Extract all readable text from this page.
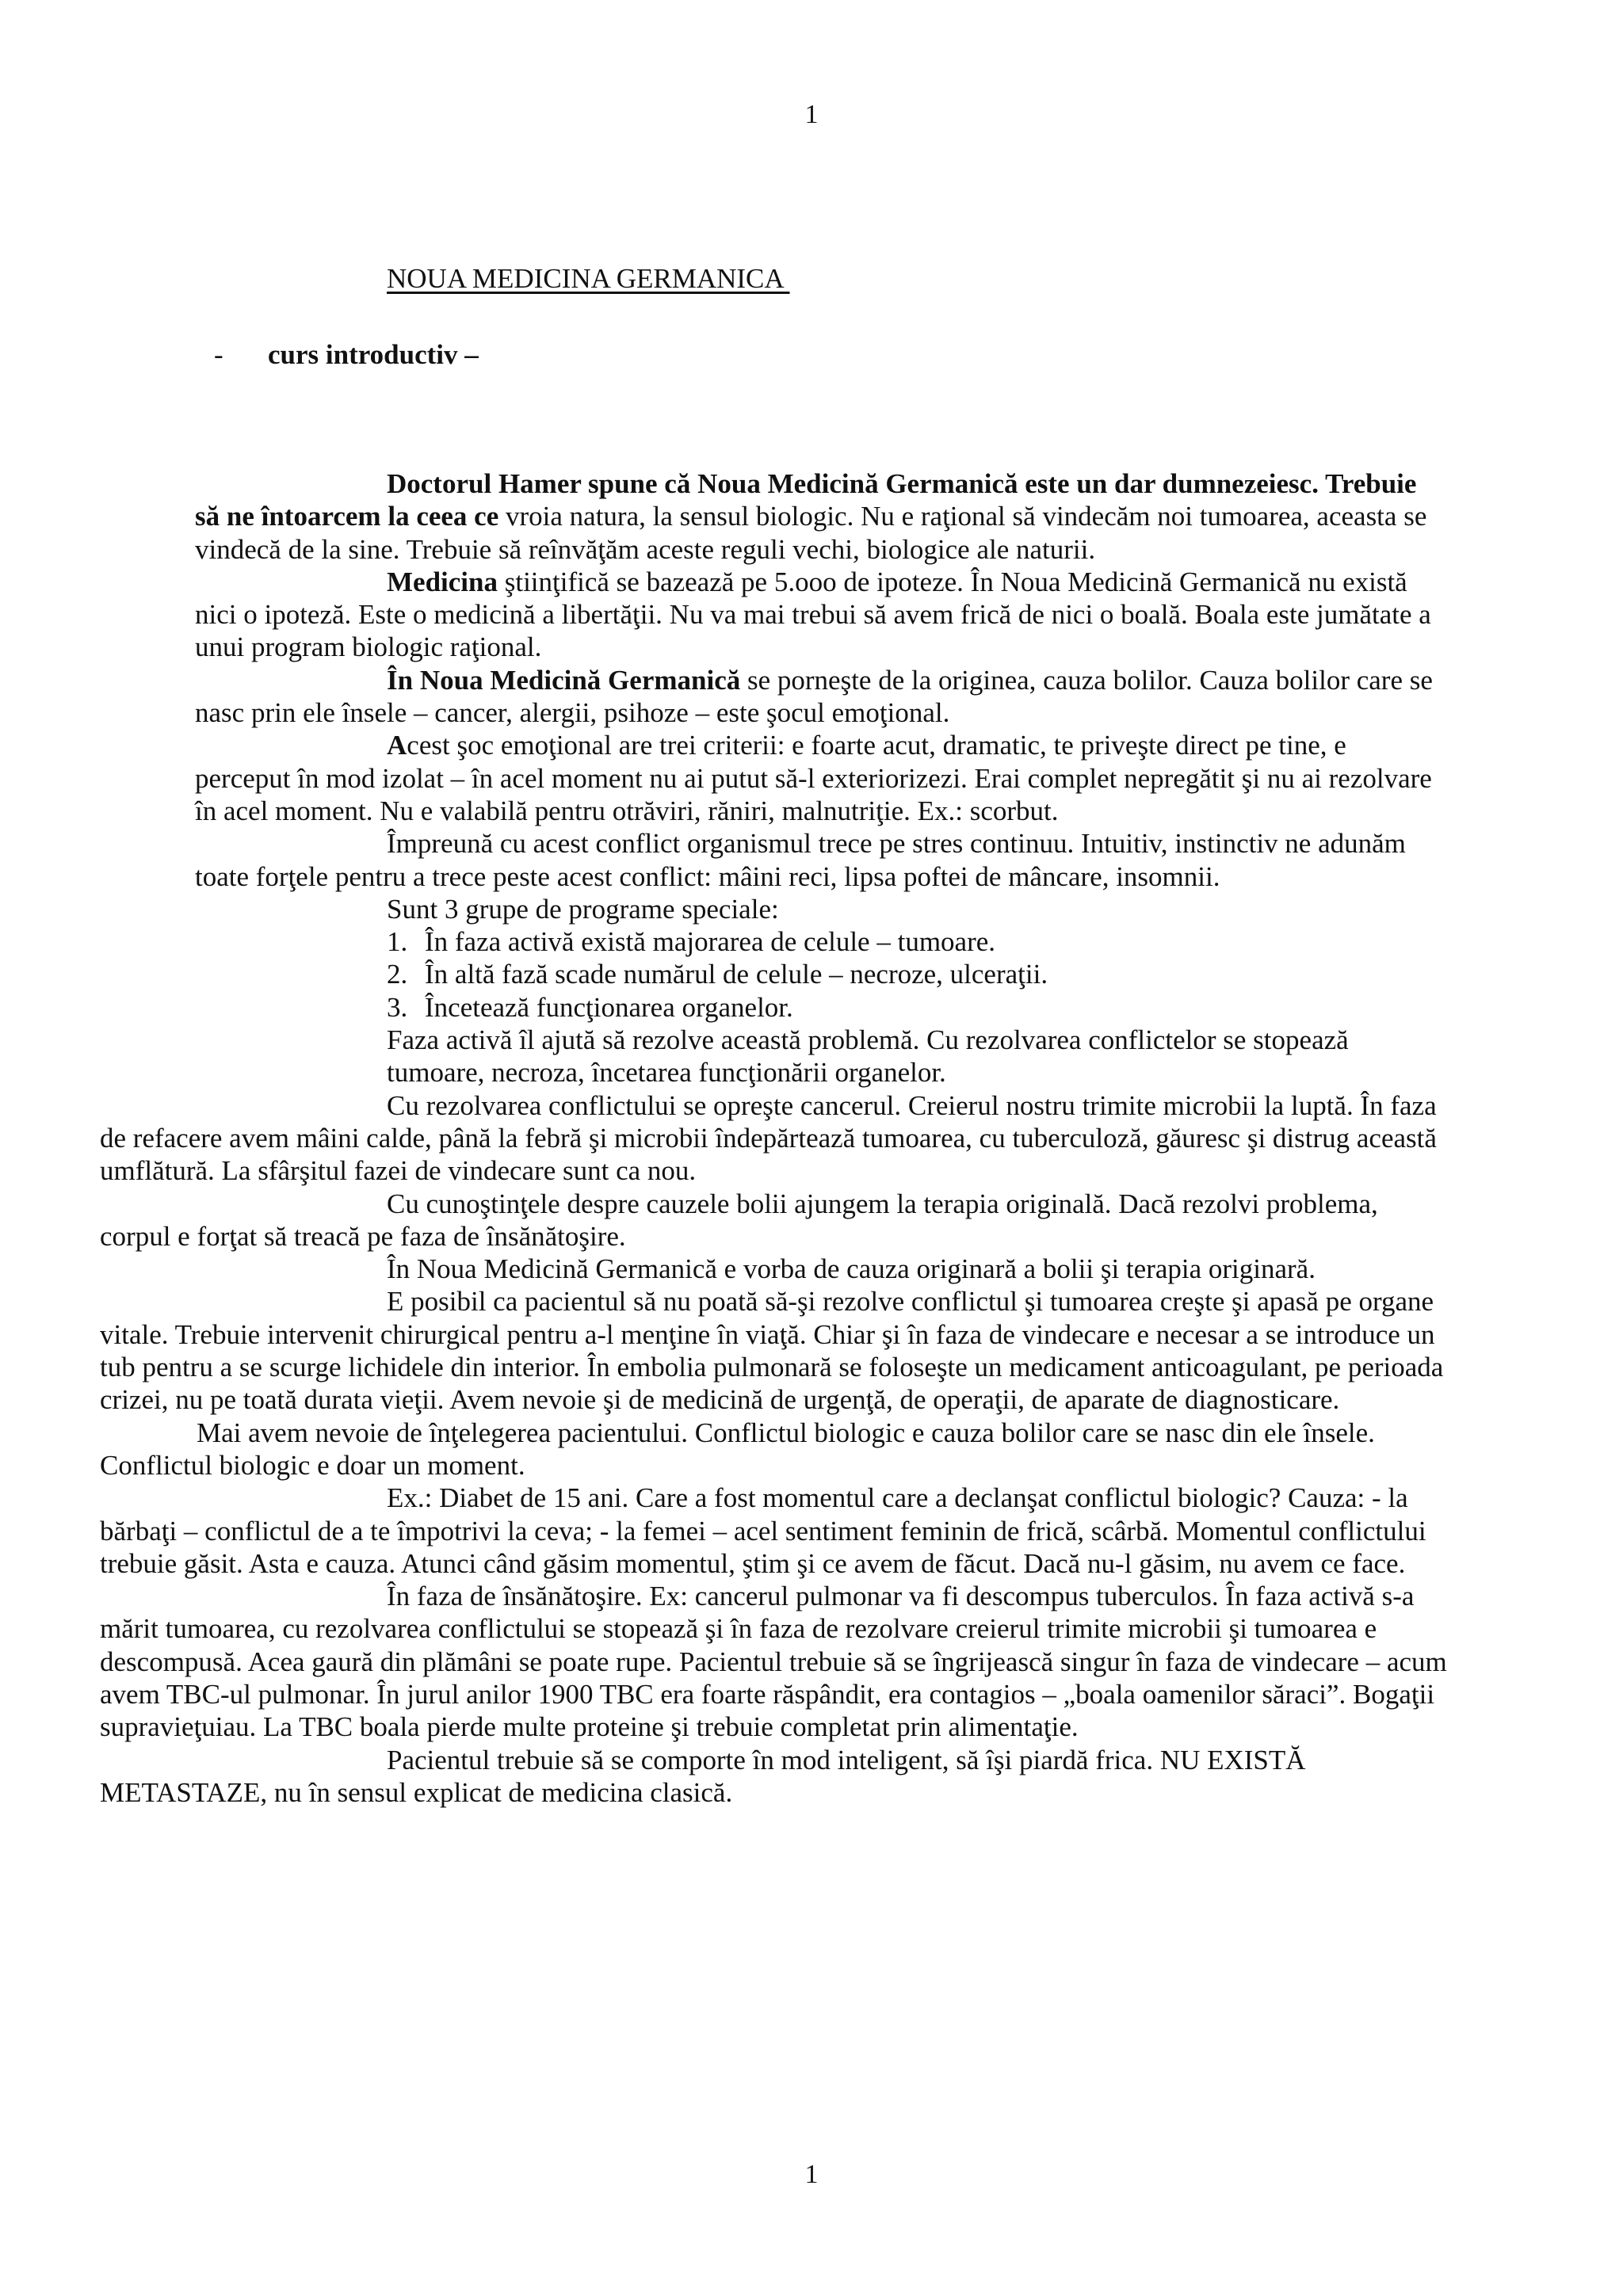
1
NOUA MEDICINA GERMANICA
- curs introductiv –

Doctorul Hamer spune că Noua Medicină Germanică este un dar dumnezeiesc. Trebuie să ne întoarcem la ceea ce vroia natura, la sensul biologic. Nu e raţional să vindecăm noi tumoarea, aceasta se vindecă de la sine. Trebuie să reînvăţăm aceste reguli vechi, biologice ale naturii.

Medicina ştiinţifică se bazează pe 5.ooo de ipoteze. În Noua Medicină Germanică nu există nici o ipoteză. Este o medicină a libertăţii. Nu va mai trebui să avem frică de nici o boală. Boala este jumătate a unui program biologic raţional.

În Noua Medicină Germanică se porneşte de la originea, cauza bolilor. Cauza bolilor care se nasc prin ele însele – cancer, alergii, psihoze – este şocul emoţional.

Acest şoc emoţional are trei criterii: e foarte acut, dramatic, te priveşte direct pe tine, e perceput în mod izolat – în acel moment nu ai putut să-l exteriorizezi. Erai complet nepregătit şi nu ai rezolvare în acel moment. Nu e valabilă pentru otrăviri, răniri, malnutriţie. Ex.: scorbut.

Împreună cu acest conflict organismul trece pe stres continuu. Intuitiv, instinctiv ne adunăm toate forţele pentru a trece peste acest conflict: mâini reci, lipsa poftei de mâncare, insomnii.

Sunt 3 grupe de programe speciale:

1. În faza activă există majorarea de celule – tumoare.
2. În altă fază scade numărul de celule – necroze, ulceraţii.
3. Încetează funcţionarea organelor.
Faza activă îl ajută să rezolve această problemă. Cu rezolvarea conflictelor se stopează tumoare, necroza, încetarea funcţionării organelor.

Cu rezolvarea conflictului se opreşte cancerul. Creierul nostru trimite microbii la luptă. În faza de refacere avem mâini calde, până la febră şi microbii îndepărtează tumoarea, cu tuberculoză, găuresc şi distrug această umflătură. La sfârşitul fazei de vindecare sunt ca nou.

Cu cunoştinţele despre cauzele bolii ajungem la terapia originală. Dacă rezolvi problema, corpul e forţat să treacă pe faza de însănătoşire.

În Noua Medicină Germanică e vorba de cauza originară a bolii şi terapia originară.

E posibil ca pacientul să nu poată să-şi rezolve conflictul şi tumoarea creşte şi apasă pe organe vitale. Trebuie intervenit chirurgical pentru a-l menţine în viaţă. Chiar şi în faza de vindecare e necesar a se introduce un tub pentru a se scurge lichidele din interior. În embolia pulmonară se foloseşte un medicament anticoagulant, pe perioada crizei, nu pe toată durata vieţii. Avem nevoie şi de medicină de urgenţă, de operaţii, de aparate de diagnosticare.

Mai avem nevoie de înţelegerea pacientului. Conflictul biologic e cauza bolilor care se nasc din ele însele. Conflictul biologic e doar un moment.

Ex.: Diabet de 15 ani. Care a fost momentul care a declanşat conflictul biologic? Cauza: - la bărbaţi – conflictul de a te împotrivi la ceva; - la femei – acel sentiment feminin de frică, scârbă. Momentul conflictului trebuie găsit. Asta e cauza. Atunci când găsim momentul, ştim şi ce avem de făcut. Dacă nu-l găsim, nu avem ce face.

În faza de însănătoşire. Ex: cancerul pulmonar va fi descompus tuberculos. În faza activă s-a mărit tumoarea, cu rezolvarea conflictului se stopează şi în faza de rezolvare creierul trimite microbii şi tumoarea e descompusă. Acea gaură din plămâni se poate rupe. Pacientul trebuie să se îngrijească singur în faza de vindecare – acum avem TBC-ul pulmonar. În jurul anilor 1900 TBC era foarte răspândit, era contagios – „boala oamenilor săraci”. Bogaţii supravieţuiau. La TBC boala pierde multe proteine şi trebuie completat prin alimentaţie.

Pacientul trebuie să se comporte în mod inteligent, să îşi piardă frica. NU EXISTĂ METASTAZE, nu în sensul explicat de medicina clasică.

1
